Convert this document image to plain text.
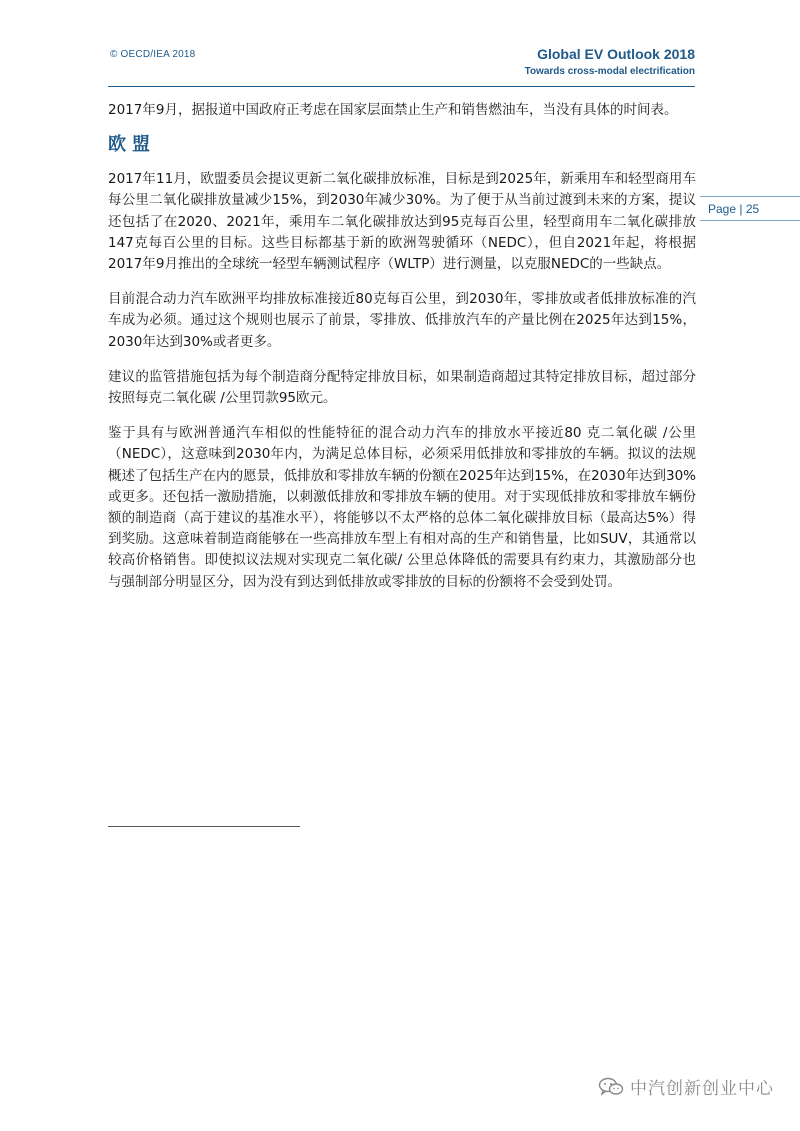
© OECD/IEA 2018	Global EV Outlook 2018
Towards cross-modal electrification
Page | 25

2017年9月，据报道中国政府正考虑在国家层面禁止生产和销售燃油车，当没有具体的时间表。

欧盟

2017年11月，欧盟委员会提议更新二氧化碳排放标准，目标是到2025年，新乘用车和轻型商用车每公里二氧化碳排放量减少15%，到2030年减少30%。为了便于从当前过渡到未来的方案，提议还包括了在2020、2021年，乘用车二氧化碳排放达到95克每百公里，轻型商用车二氧化碳排放147克每百公里的目标。这些目标都基于新的欧洲驾驶循环（NEDC），但自2021年起，将根据2017年9月推出的全球统一轻型车辆测试程序（WLTP）进行测量，以克服NEDC的一些缺点。

目前混合动力汽车欧洲平均排放标准接近80克每百公里，到2030年，零排放或者低排放标准的汽车成为必须。通过这个规则也展示了前景，零排放、低排放汽车的产量比例在2025年达到15%，2030年达到30%或者更多。

建议的监管措施包括为每个制造商分配特定排放目标，如果制造商超过其特定排放目标，超过部分按照每克二氧化碳 /公里罚款95欧元。

鉴于具有与欧洲普通汽车相似的性能特征的混合动力汽车的排放水平接近80 克二氧化碳 /公里（NEDC），这意味到2030年内，为满足总体目标，必须采用低排放和零排放的车辆。拟议的法规概述了包括生产在内的愿景，低排放和零排放车辆的份额在2025年达到15%，在2030年达到30%或更多。还包括一激励措施，以刺激低排放和零排放车辆的使用。对于实现低排放和零排放车辆份额的制造商（高于建议的基准水平），将能够以不太严格的总体二氧化碳排放目标（最高达5%）得到奖励。这意味着制造商能够在一些高排放车型上有相对高的生产和销售量，比如SUV，其通常以较高价格销售。即使拟议法规对实现克二氧化碳/ 公里总体降低的需要具有约束力，其激励部分也与强制部分明显区分，因为没有到达到低排放或零排放的目标的份额将不会受到处罚。

中汽创新创业中心
